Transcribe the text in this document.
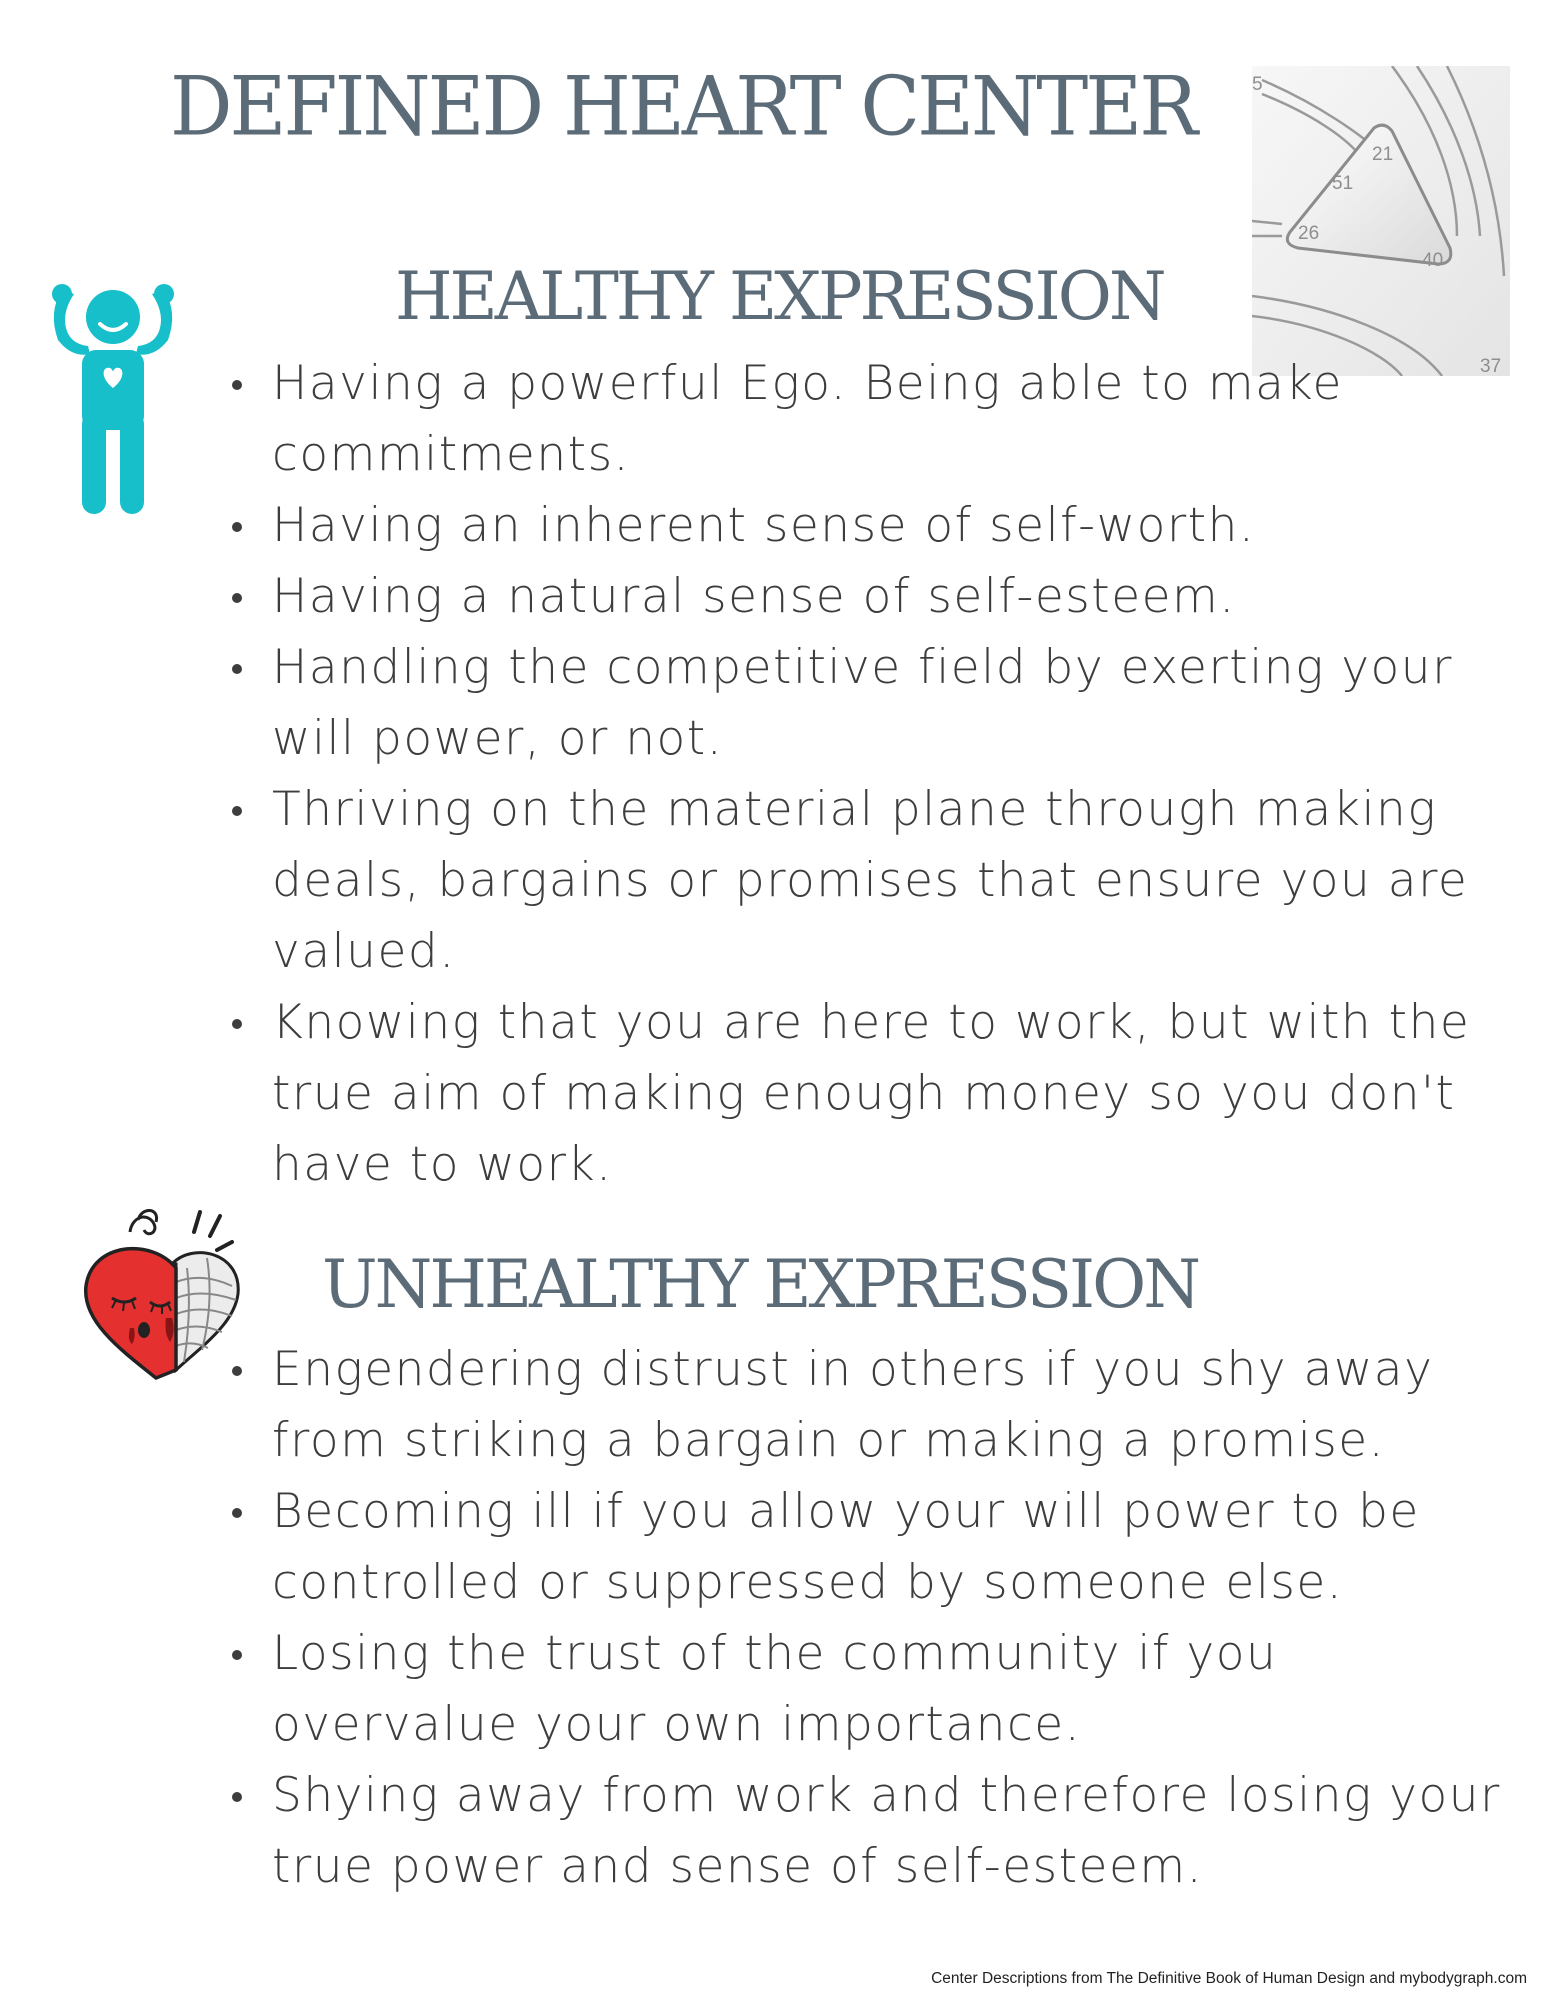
DEFINED HEART CENTER	5
21
51
26
40
37
HEALTHY EXPRESSION
Having a powerful Ego. Being able to make commitments.
Having an inherent sense of self-worth.
Having a natural sense of self-esteem.
Handling the competitive field by exerting your will power, or not.
Thriving on the material plane through making deals, bargains or promises that ensure you are valued.
Knowing that you are here to work, but with the true aim of making enough money so you don't have to work.
UNHEALTHY EXPRESSION
Engendering distrust in others if you shy away from striking a bargain or making a promise.
Becoming ill if you allow your will power to be controlled or suppressed by someone else.
Losing the trust of the community if you overvalue your own importance.
Shying away from work and therefore losing your true power and sense of self-esteem.
Center Descriptions from The Definitive Book of Human Design and mybodygraph.com
